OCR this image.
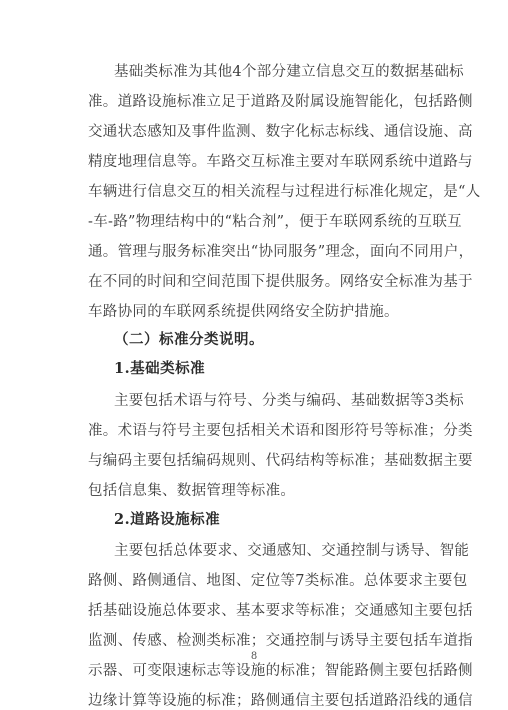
基础类标准为其他4个部分建立信息交互的数据基础标
准。道路设施标准立足于道路及附属设施智能化，包括路侧
交通状态感知及事件监测、数字化标志标线、通信设施、高
精度地理信息等。车路交互标准主要对车联网系统中道路与
车辆进行信息交互的相关流程与过程进行标准化规定，是“人
-车-路”物理结构中的“粘合剂”，便于车联网系统的互联互
通。管理与服务标准突出“协同服务”理念，面向不同用户，
在不同的时间和空间范围下提供服务。网络安全标准为基于
车路协同的车联网系统提供网络安全防护措施。
（二）标准分类说明。
1.基础类标准
主要包括术语与符号、分类与编码、基础数据等3类标
准。术语与符号主要包括相关术语和图形符号等标准；分类
与编码主要包括编码规则、代码结构等标准；基础数据主要
包括信息集、数据管理等标准。
2.道路设施标准
主要包括总体要求、交通感知、交通控制与诱导、智能
路侧、路侧通信、地图、定位等7类标准。总体要求主要包
括基础设施总体要求、基本要求等标准；交通感知主要包括
监测、传感、检测类标准；交通控制与诱导主要包括车道指
示器、可变限速标志等设施的标准；智能路侧主要包括路侧
边缘计算等设施的标准；路侧通信主要包括道路沿线的通信
8
